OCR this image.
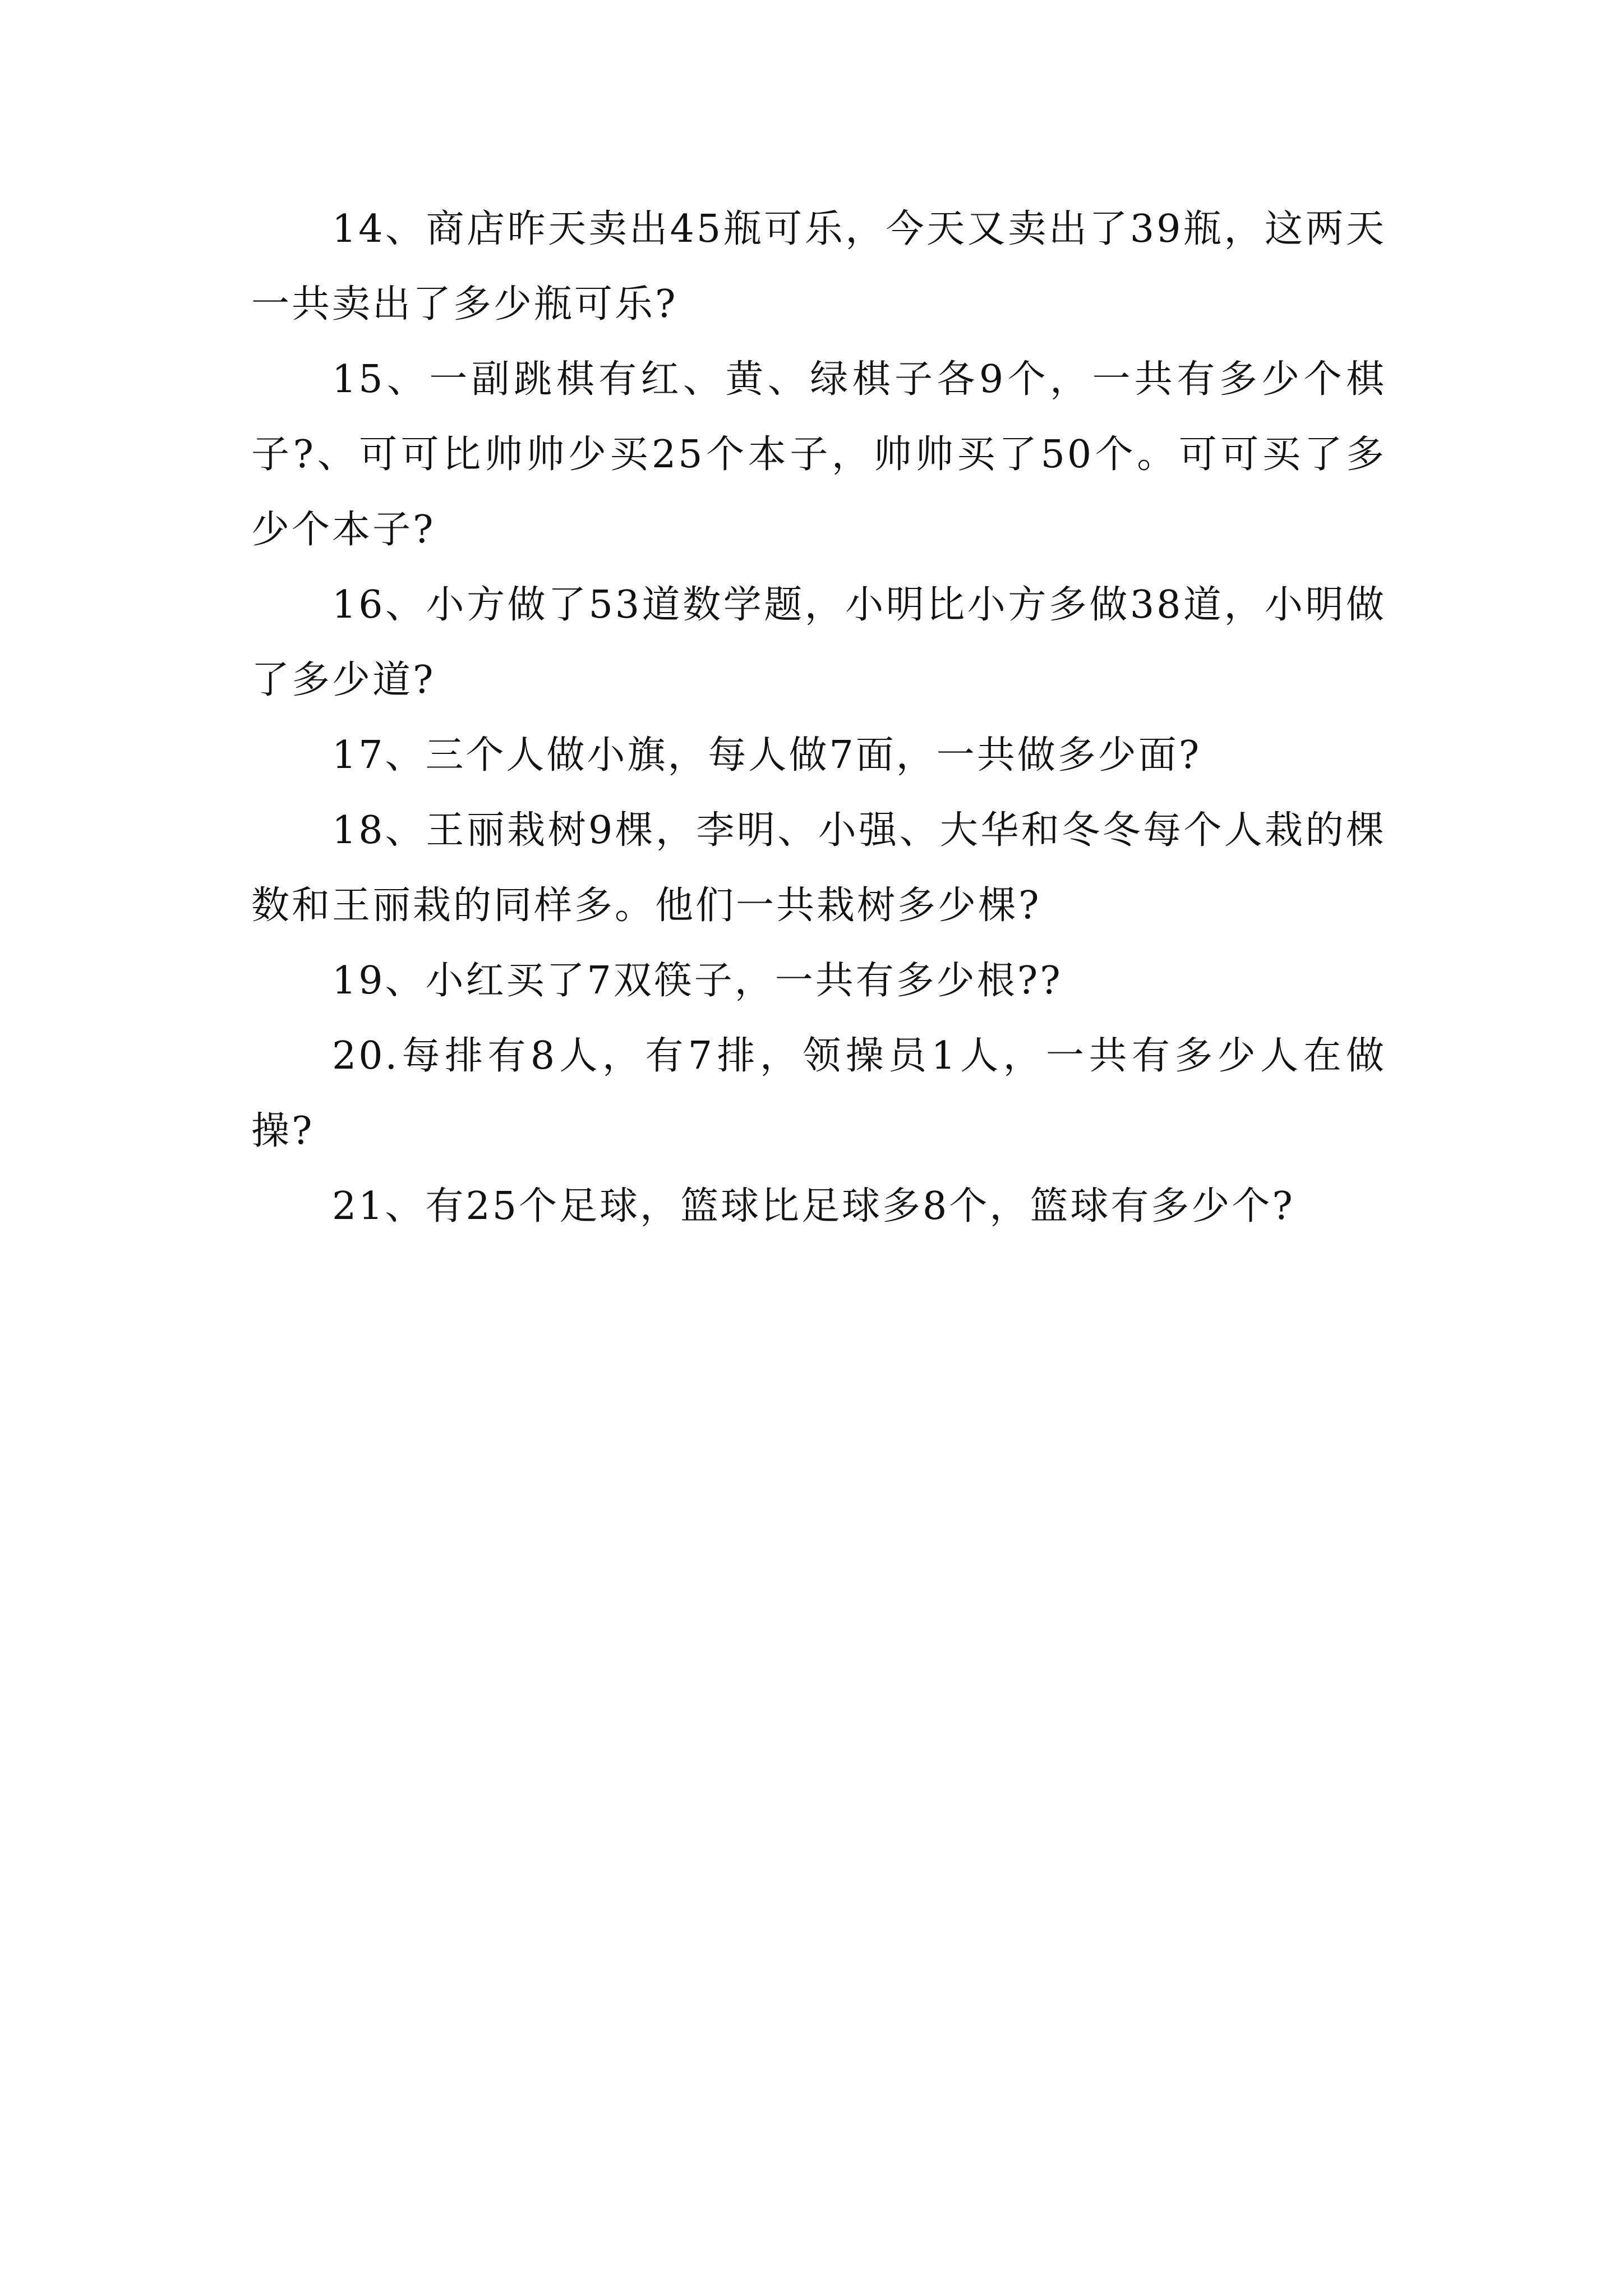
14、商店昨天卖出45瓶可乐，今天又卖出了39瓶，这两天一共卖出了多少瓶可乐?

15、一副跳棋有红、黄、绿棋子各9个，一共有多少个棋子?、可可比帅帅少买25个本子，帅帅买了50个。可可买了多少个本子?

16、小方做了53道数学题，小明比小方多做38道，小明做了多少道?

17、三个人做小旗，每人做7面，一共做多少面?

18、王丽栽树9棵，李明、小强、大华和冬冬每个人栽的棵数和王丽栽的同样多。他们一共栽树多少棵?

19、小红买了7双筷子，一共有多少根??

20.每排有8人，有7排，领操员1人，一共有多少人在做操?

21、有25个足球，篮球比足球多8个，篮球有多少个?
